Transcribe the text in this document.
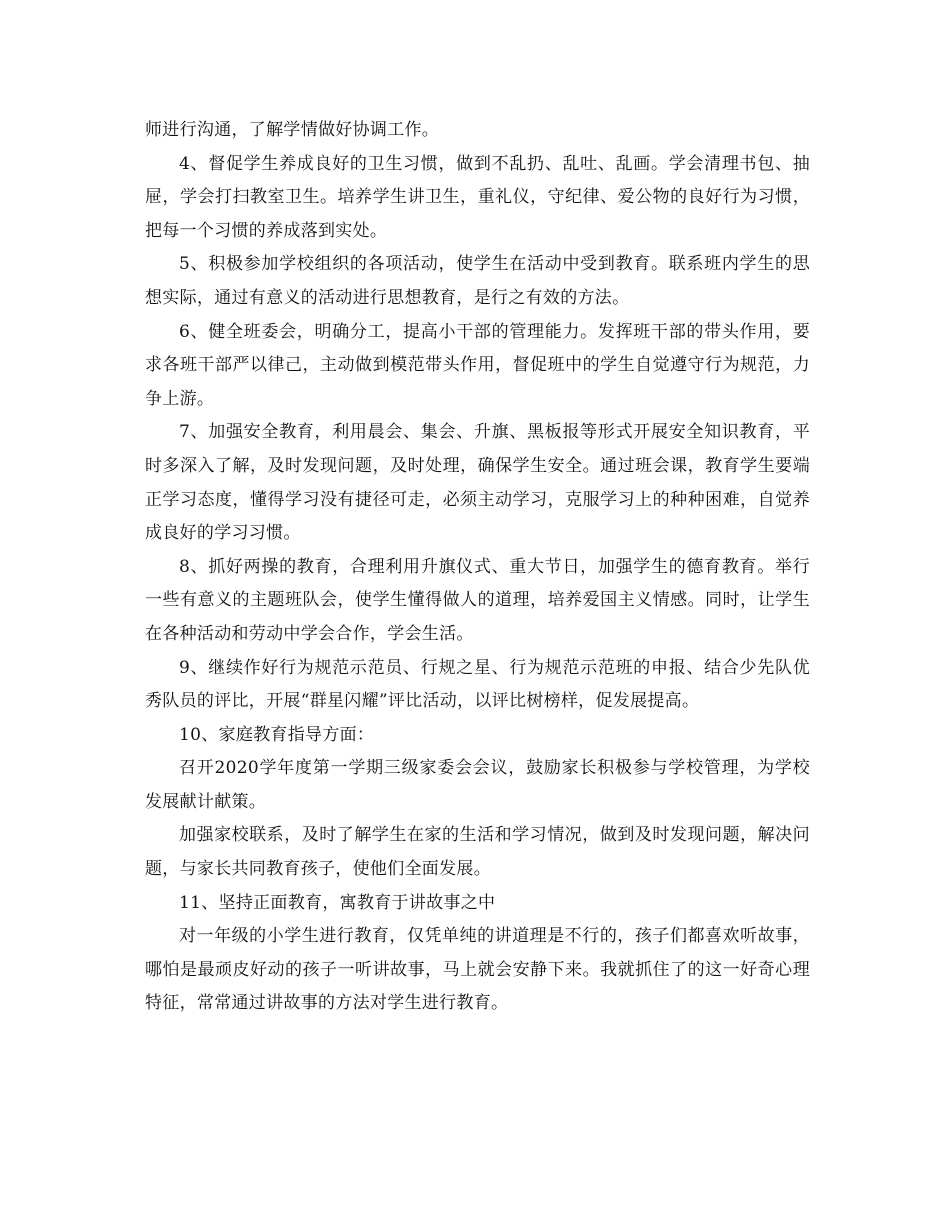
师进行沟通，了解学情做好协调工作。

4、督促学生养成良好的卫生习惯，做到不乱扔、乱吐、乱画。学会清理书包、抽屉，学会打扫教室卫生。培养学生讲卫生，重礼仪，守纪律、爱公物的良好行为习惯，把每一个习惯的养成落到实处。

5、积极参加学校组织的各项活动，使学生在活动中受到教育。联系班内学生的思想实际，通过有意义的活动进行思想教育，是行之有效的方法。

6、健全班委会，明确分工，提高小干部的管理能力。发挥班干部的带头作用，要求各班干部严以律己，主动做到模范带头作用，督促班中的学生自觉遵守行为规范，力争上游。

7、加强安全教育，利用晨会、集会、升旗、黑板报等形式开展安全知识教育，平时多深入了解，及时发现问题，及时处理，确保学生安全。通过班会课，教育学生要端正学习态度，懂得学习没有捷径可走，必须主动学习，克服学习上的种种困难，自觉养成良好的学习习惯。

8、抓好两操的教育，合理利用升旗仪式、重大节日，加强学生的德育教育。举行一些有意义的主题班队会，使学生懂得做人的道理，培养爱国主义情感。同时，让学生在各种活动和劳动中学会合作，学会生活。

9、继续作好行为规范示范员、行规之星、行为规范示范班的申报、结合少先队优秀队员的评比，开展“群星闪耀”评比活动，以评比树榜样，促发展提高。

10、家庭教育指导方面：

召开2020学年度第一学期三级家委会会议，鼓励家长积极参与学校管理，为学校发展献计献策。

加强家校联系，及时了解学生在家的生活和学习情况，做到及时发现问题，解决问题，与家长共同教育孩子，使他们全面发展。

11、坚持正面教育，寓教育于讲故事之中

对一年级的小学生进行教育，仅凭单纯的讲道理是不行的，孩子们都喜欢听故事，哪怕是最顽皮好动的孩子一听讲故事，马上就会安静下来。我就抓住了的这一好奇心理特征，常常通过讲故事的方法对学生进行教育。
